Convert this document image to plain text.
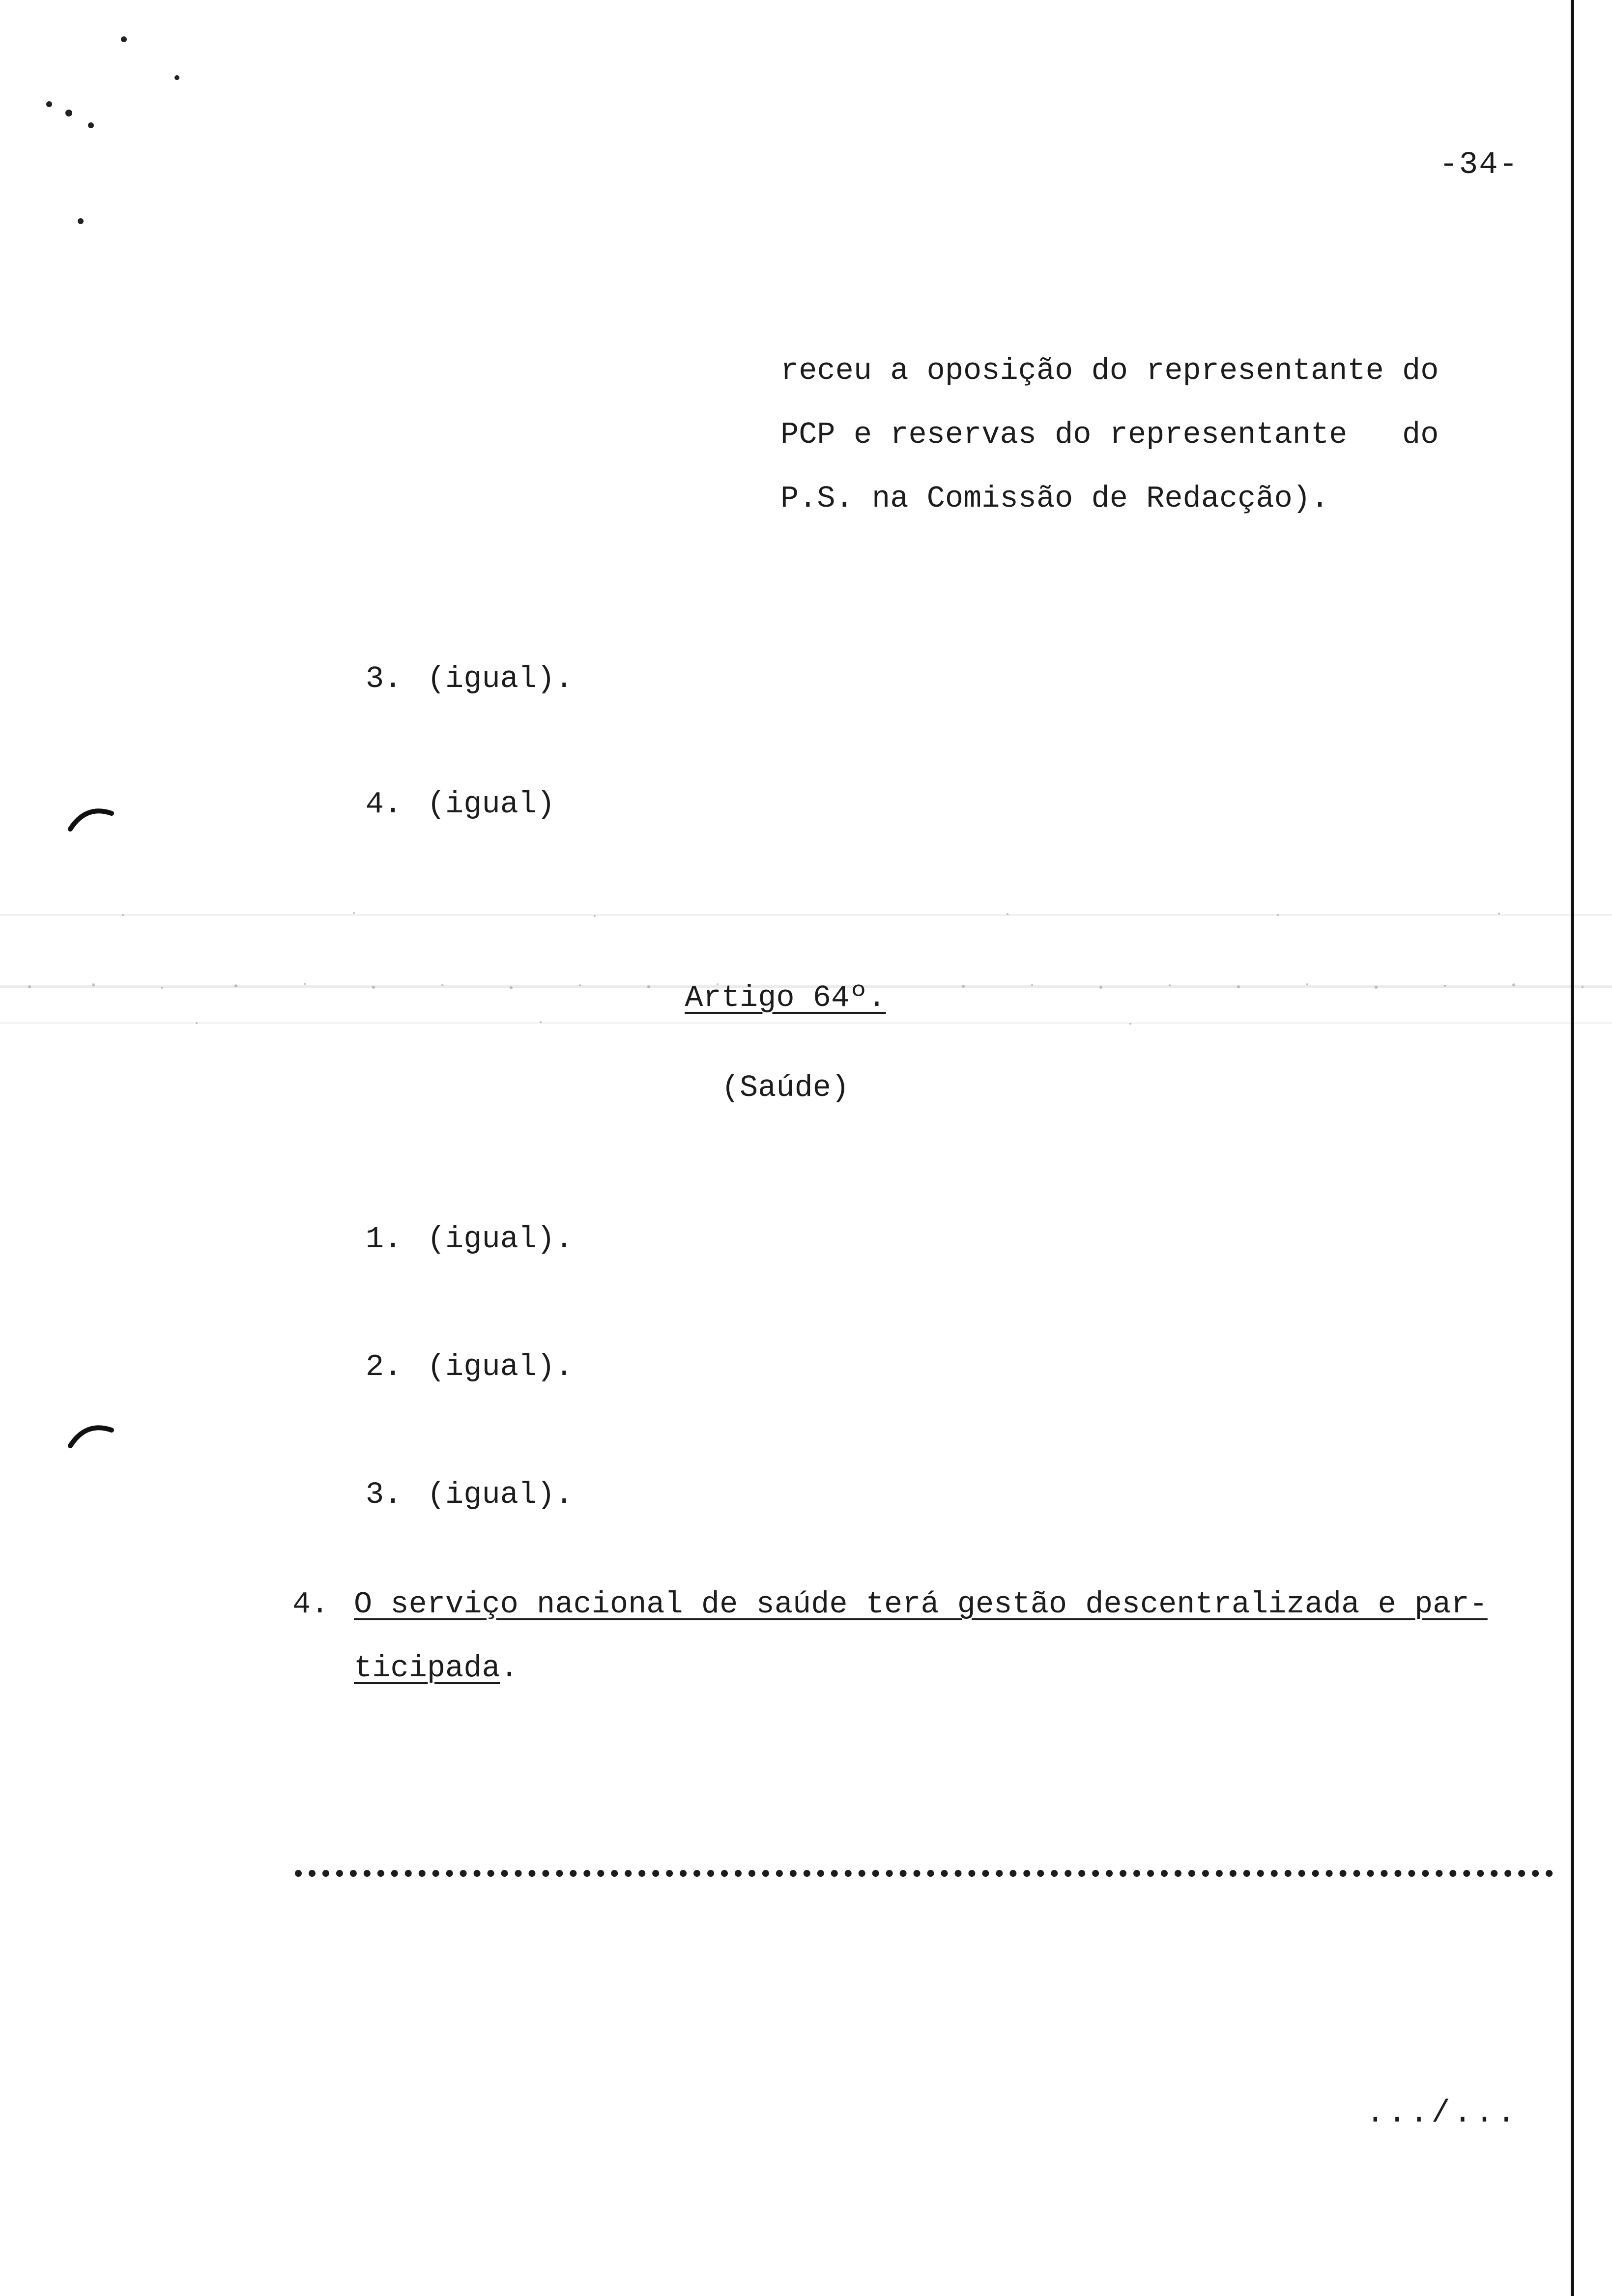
-34-
receu a oposição do representante do
PCP e reservas do representante   do
P.S. na Comissão de Redacção).

3. (igual).

4. (igual)

Artigo 64º.
(Saúde)

1. (igual).

2. (igual).

3. (igual).

4. O serviço nacional de saúde terá gestão descentralizada e par-
ticipada.
.../...
